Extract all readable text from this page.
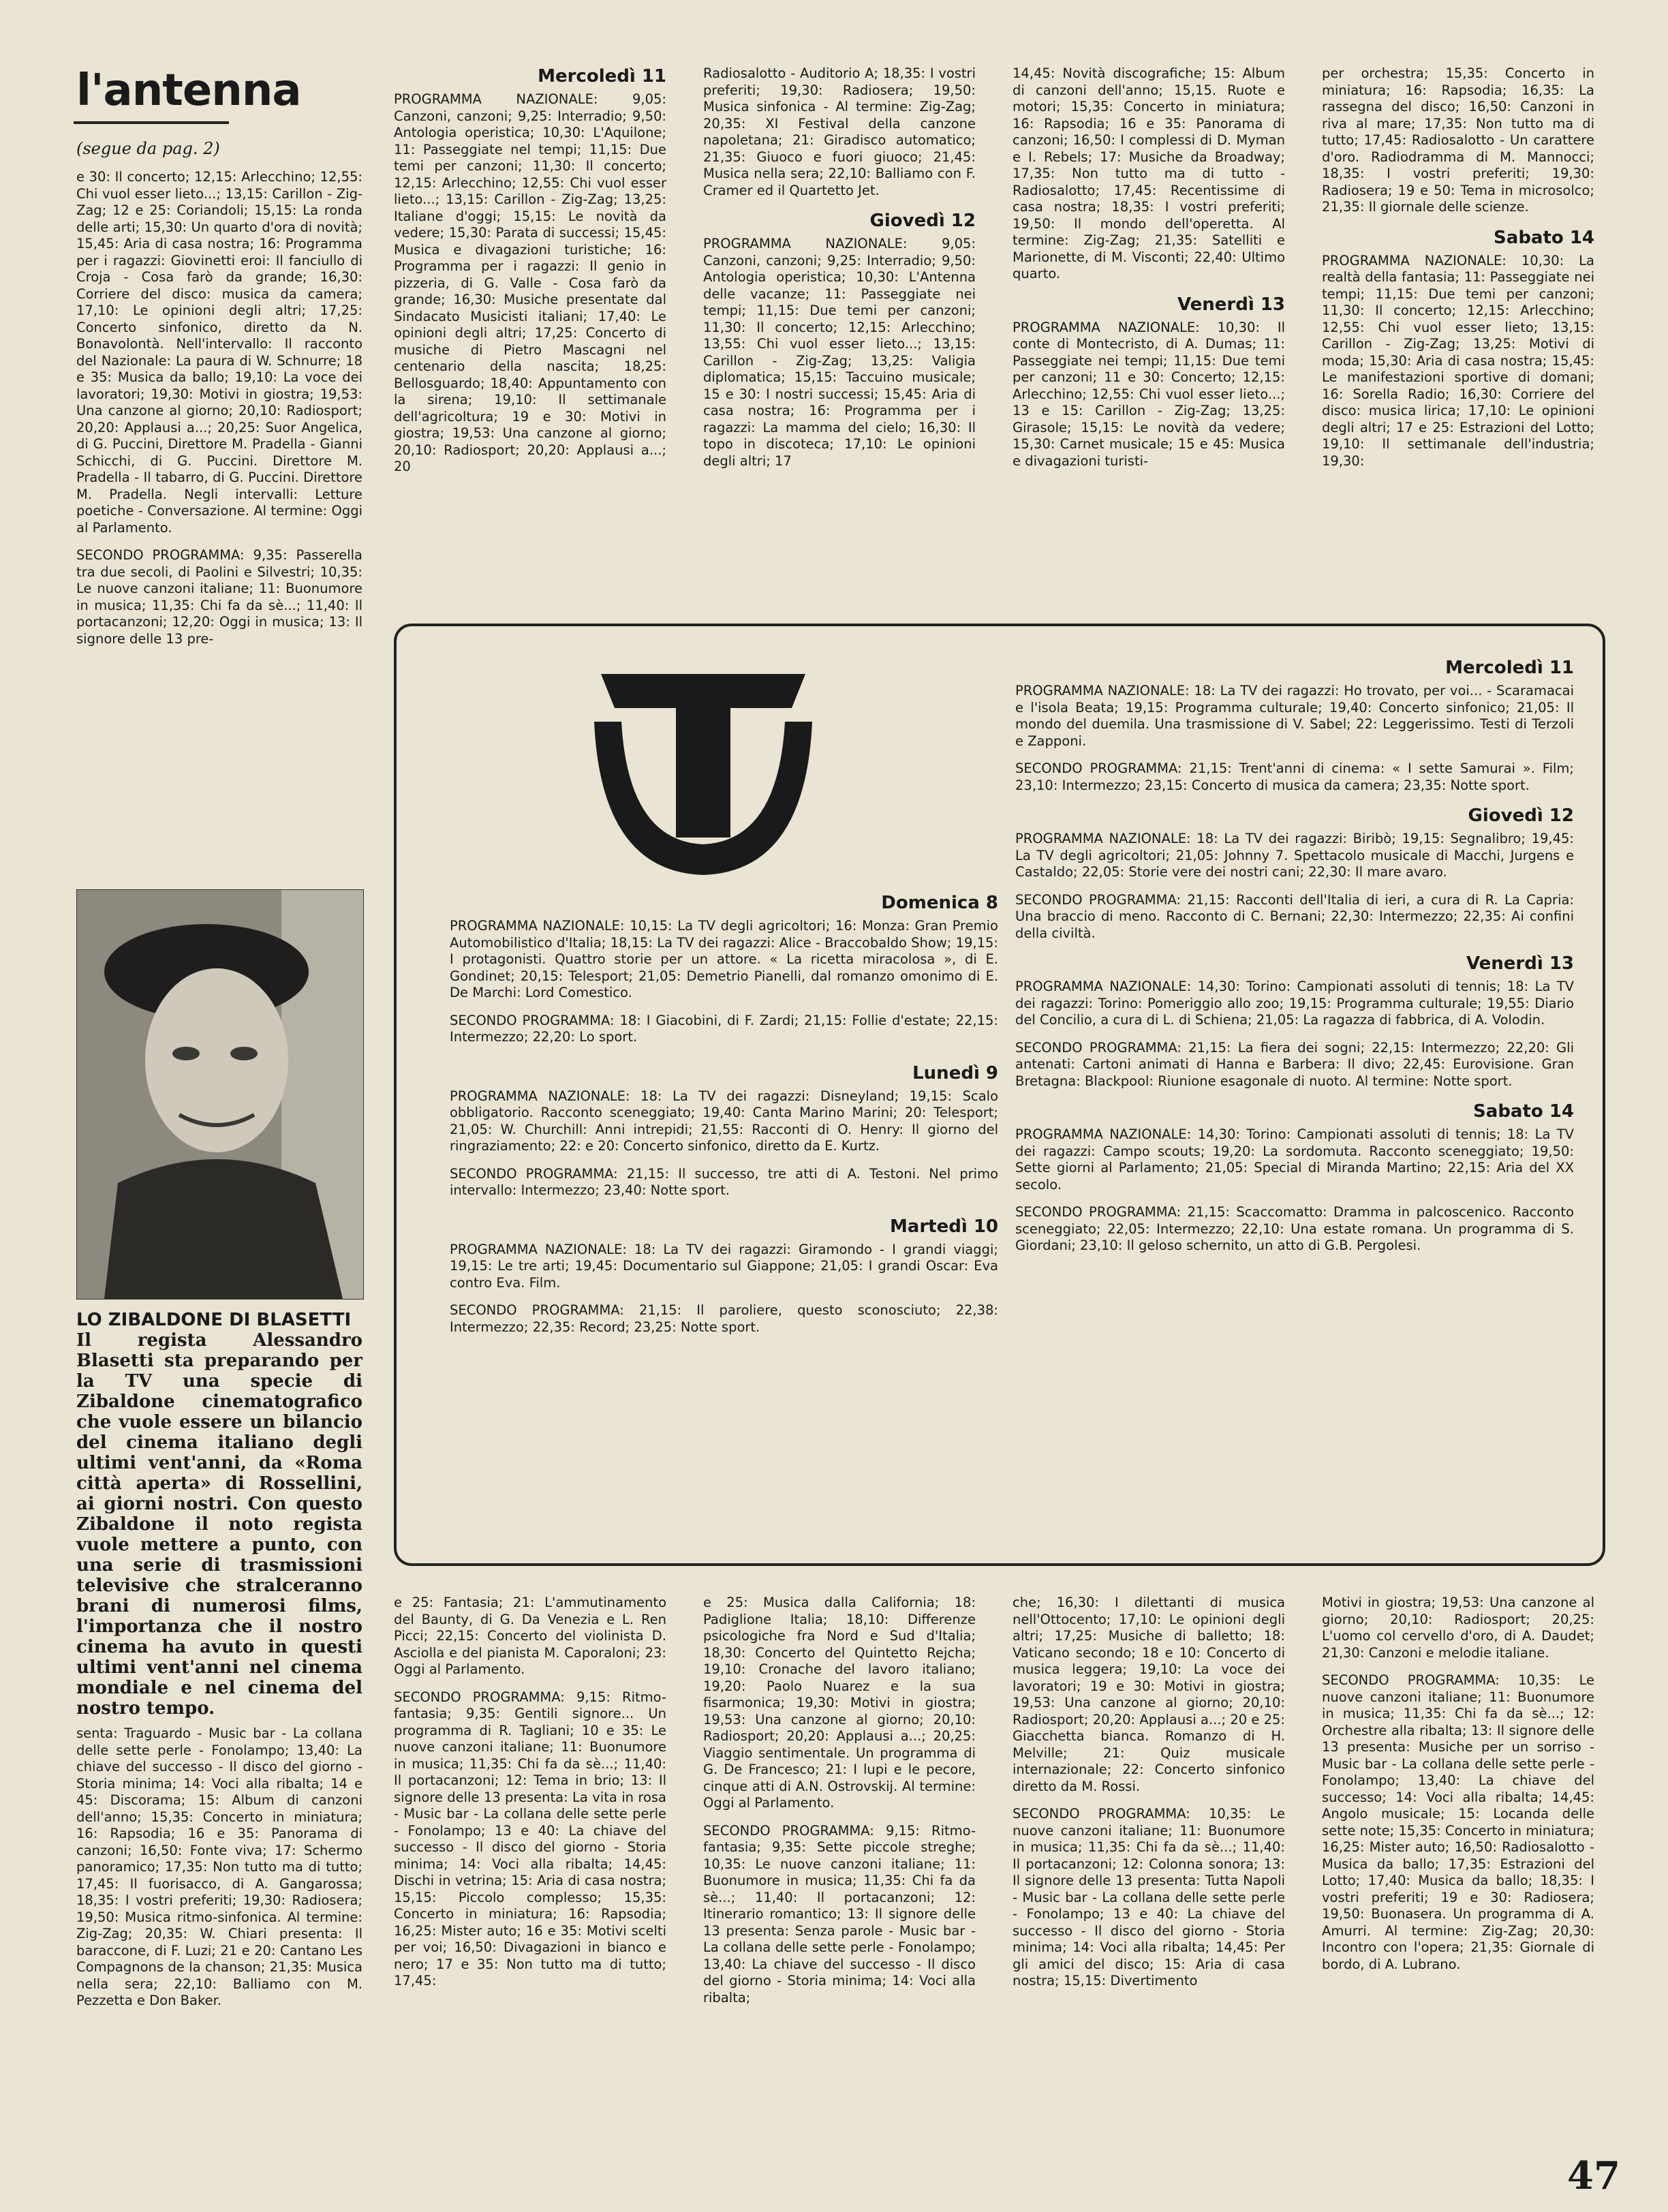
l'antenna
(segue da pag. 2)

e 30: Il concerto; 12,15: Arlecchino; 12,55: Chi vuol esser lieto...; 13,15: Carillon - Zig-Zag; 12 e 25: Coriandoli; 15,15: La ronda delle arti; 15,30: Un quarto d'ora di novità; 15,45: Aria di casa nostra; 16: Programma per i ragazzi: Giovinetti eroi: Il fanciullo di Croja - Cosa farò da grande; 16,30: Corriere del disco: musica da camera; 17,10: Le opinioni degli altri; 17,25: Concerto sinfonico, diretto da N. Bonavolontà. Nell'intervallo: Il racconto del Nazionale: La paura di W. Schnurre; 18 e 35: Musica da ballo; 19,10: La voce dei lavoratori; 19,30: Motivi in giostra; 19,53: Una canzone al giorno; 20,10: Radiosport; 20,20: Applausi a...; 20,25: Suor Angelica, di G. Puccini, Direttore M. Pradella - Gianni Schicchi, di G. Puccini. Direttore M. Pradella - Il tabarro, di G. Puccini. Direttore M. Pradella. Negli intervalli: Letture poetiche - Conversazione. Al termine: Oggi al Parlamento.

SECONDO PROGRAMMA: 9,35: Passerella tra due secoli, di Paolini e Silvestri; 10,35: Le nuove canzoni italiane; 11: Buonumore in musica; 11,35: Chi fa da sè...; 11,40: Il portacanzoni; 12,20: Oggi in musica; 13: Il signore delle 13 pre-

LO ZIBALDONE DI BLASETTI
Il regista Alessandro Blasetti sta preparando per la TV una specie di Zibaldone cinematografico che vuole essere un bilancio del cinema italiano degli ultimi vent'anni, da «Roma città aperta» di Rossellini, ai giorni nostri. Con questo Zibaldone il noto regista vuole mettere a punto, con una serie di trasmissioni televisive che stralceranno brani di numerosi films, l'importanza che il nostro cinema ha avuto in questi ultimi vent'anni nel cinema mondiale e nel cinema del nostro tempo.

senta: Traguardo - Music bar - La collana delle sette perle - Fonolampo; 13,40: La chiave del successo - Il disco del giorno - Storia minima; 14: Voci alla ribalta; 14 e 45: Discorama; 15: Album di canzoni dell'anno; 15,35: Concerto in miniatura; 16: Rapsodia; 16 e 35: Panorama di canzoni; 16,50: Fonte viva; 17: Schermo panoramico; 17,35: Non tutto ma di tutto; 17,45: Il fuorisacco, di A. Gangarossa; 18,35: I vostri preferiti; 19,30: Radiosera; 19,50: Musica ritmo-sinfonica. Al termine: Zig-Zag; 20,35: W. Chiari presenta: Il baraccone, di F. Luzi; 21 e 20: Cantano Les Compagnons de la chanson; 21,35: Musica nella sera; 22,10: Balliamo con M. Pezzetta e Don Baker.

Mercoledì 11

PROGRAMMA NAZIONALE: 9,05: Canzoni, canzoni; 9,25: Interradio; 9,50: Antologia operistica; 10,30: L'Aquilone; 11: Passeggiate nel tempi; 11,15: Due temi per canzoni; 11,30: Il concerto; 12,15: Arlecchino; 12,55: Chi vuol esser lieto...; 13,15: Carillon - Zig-Zag; 13,25: Italiane d'oggi; 15,15: Le novità da vedere; 15,30: Parata di successi; 15,45: Musica e divagazioni turistiche; 16: Programma per i ragazzi: Il genio in pizzeria, di G. Valle - Cosa farò da grande; 16,30: Musiche presentate dal Sindacato Musicisti italiani; 17,40: Le opinioni degli altri; 17,25: Concerto di musiche di Pietro Mascagni nel centenario della nascita; 18,25: Bellosguardo; 18,40: Appuntamento con la sirena; 19,10: Il settimanale dell'agricoltura; 19 e 30: Motivi in giostra; 19,53: Una canzone al giorno; 20,10: Radiosport; 20,20: Applausi a...; 20

Radiosalotto - Auditorio A; 18,35: I vostri preferiti; 19,30: Radiosera; 19,50: Musica sinfonica - Al termine: Zig-Zag; 20,35: XI Festival della canzone napoletana; 21: Giradisco automatico; 21,35: Giuoco e fuori giuoco; 21,45: Musica nella sera; 22,10: Balliamo con F. Cramer ed il Quartetto Jet.

Giovedì 12

PROGRAMMA NAZIONALE: 9,05: Canzoni, canzoni; 9,25: Interradio; 9,50: Antologia operistica; 10,30: L'Antenna delle vacanze; 11: Passeggiate nei tempi; 11,15: Due temi per canzoni; 11,30: Il concerto; 12,15: Arlecchino; 13,55: Chi vuol esser lieto...; 13,15: Carillon - Zig-Zag; 13,25: Valigia diplomatica; 15,15: Taccuino musicale; 15 e 30: I nostri successi; 15,45: Aria di casa nostra; 16: Programma per i ragazzi: La mamma del cielo; 16,30: Il topo in discoteca; 17,10: Le opinioni degli altri; 17

14,45: Novità discografiche; 15: Album di canzoni dell'anno; 15,15. Ruote e motori; 15,35: Concerto in miniatura; 16: Rapsodia; 16 e 35: Panorama di canzoni; 16,50: I complessi di D. Myman e I. Rebels; 17: Musiche da Broadway; 17,35: Non tutto ma di tutto - Radiosalotto; 17,45: Recentissime di casa nostra; 18,35: I vostri preferiti; 19,50: Il mondo dell'operetta. Al termine: Zig-Zag; 21,35: Satelliti e Marionette, di M. Visconti; 22,40: Ultimo quarto.

Venerdì 13

PROGRAMMA NAZIONALE: 10,30: Il conte di Montecristo, di A. Dumas; 11: Passeggiate nei tempi; 11,15: Due temi per canzoni; 11 e 30: Concerto; 12,15: Arlecchino; 12,55: Chi vuol esser lieto...; 13 e 15: Carillon - Zig-Zag; 13,25: Girasole; 15,15: Le novità da vedere; 15,30: Carnet musicale; 15 e 45: Musica e divagazioni turisti-

per orchestra; 15,35: Concerto in miniatura; 16: Rapsodia; 16,35: La rassegna del disco; 16,50: Canzoni in riva al mare; 17,35: Non tutto ma di tutto; 17,45: Radiosalotto - Un carattere d'oro. Radiodramma di M. Mannocci; 18,35: I vostri preferiti; 19,30: Radiosera; 19 e 50: Tema in microsolco; 21,35: Il giornale delle scienze.

Sabato 14

PROGRAMMA NAZIONALE: 10,30: La realtà della fantasia; 11: Passeggiate nei tempi; 11,15: Due temi per canzoni; 11,30: Il concerto; 12,15: Arlecchino; 12,55: Chi vuol esser lieto; 13,15: Carillon - Zig-Zag; 13,25: Motivi di moda; 15,30: Aria di casa nostra; 15,45: Le manifestazioni sportive di domani; 16: Sorella Radio; 16,30: Corriere del disco: musica lirica; 17,10: Le opinioni degli altri; 17 e 25: Estrazioni del Lotto; 19,10: Il settimanale dell'industria; 19,30:

Domenica 8

PROGRAMMA NAZIONALE: 10,15: La TV degli agricoltori; 16: Monza: Gran Premio Automobilistico d'Italia; 18,15: La TV dei ragazzi: Alice - Braccobaldo Show; 19,15: I protagonisti. Quattro storie per un attore. « La ricetta miracolosa », di E. Gondinet; 20,15: Telesport; 21,05: Demetrio Pianelli, dal romanzo omonimo di E. De Marchi: Lord Comestico.

SECONDO PROGRAMMA: 18: I Giacobini, di F. Zardi; 21,15: Follie d'estate; 22,15: Intermezzo; 22,20: Lo sport.

Lunedì 9

PROGRAMMA NAZIONALE: 18: La TV dei ragazzi: Disneyland; 19,15: Scalo obbligatorio. Racconto sceneggiato; 19,40: Canta Marino Marini; 20: Telesport; 21,05: W. Churchill: Anni intrepidi; 21,55: Racconti di O. Henry: Il giorno del ringraziamento; 22: e 20: Concerto sinfonico, diretto da E. Kurtz.

SECONDO PROGRAMMA: 21,15: Il successo, tre atti di A. Testoni. Nel primo intervallo: Intermezzo; 23,40: Notte sport.

Martedì 10

PROGRAMMA NAZIONALE: 18: La TV dei ragazzi: Giramondo - I grandi viaggi; 19,15: Le tre arti; 19,45: Documentario sul Giappone; 21,05: I grandi Oscar: Eva contro Eva. Film.

SECONDO PROGRAMMA: 21,15: Il paroliere, questo sconosciuto; 22,38: Intermezzo; 22,35: Record; 23,25: Notte sport.

Mercoledì 11

PROGRAMMA NAZIONALE: 18: La TV dei ragazzi: Ho trovato, per voi... - Scaramacai e l'isola Beata; 19,15: Programma culturale; 19,40: Concerto sinfonico; 21,05: Il mondo del duemila. Una trasmissione di V. Sabel; 22: Leggerissimo. Testi di Terzoli e Zapponi.

SECONDO PROGRAMMA: 21,15: Trent'anni di cinema: « I sette Samurai ». Film; 23,10: Intermezzo; 23,15: Concerto di musica da camera; 23,35: Notte sport.

Giovedì 12

PROGRAMMA NAZIONALE: 18: La TV dei ragazzi: Biribò; 19,15: Segnalibro; 19,45: La TV degli agricoltori; 21,05: Johnny 7. Spettacolo musicale di Macchi, Jurgens e Castaldo; 22,05: Storie vere dei nostri cani; 22,30: Il mare avaro.

SECONDO PROGRAMMA: 21,15: Racconti dell'Italia di ieri, a cura di R. La Capria: Una braccio di meno. Racconto di C. Bernani; 22,30: Intermezzo; 22,35: Ai confini della civiltà.

Venerdì 13

PROGRAMMA NAZIONALE: 14,30: Torino: Campionati assoluti di tennis; 18: La TV dei ragazzi: Torino: Pomeriggio allo zoo; 19,15: Programma culturale; 19,55: Diario del Concilio, a cura di L. di Schiena; 21,05: La ragazza di fabbrica, di A. Volodin.

SECONDO PROGRAMMA: 21,15: La fiera dei sogni; 22,15: Intermezzo; 22,20: Gli antenati: Cartoni animati di Hanna e Barbera: Il divo; 22,45: Eurovisione. Gran Bretagna: Blackpool: Riunione esagonale di nuoto. Al termine: Notte sport.

Sabato 14

PROGRAMMA NAZIONALE: 14,30: Torino: Campionati assoluti di tennis; 18: La TV dei ragazzi: Campo scouts; 19,20: La sordomuta. Racconto sceneggiato; 19,50: Sette giorni al Parlamento; 21,05: Special di Miranda Martino; 22,15: Aria del XX secolo.

SECONDO PROGRAMMA: 21,15: Scaccomatto: Dramma in palcoscenico. Racconto sceneggiato; 22,05: Intermezzo; 22,10: Una estate romana. Un programma di S. Giordani; 23,10: Il geloso schernito, un atto di G.B. Pergolesi.

e 25: Fantasia; 21: L'ammutinamento del Baunty, di G. Da Venezia e L. Ren Picci; 22,15: Concerto del violinista D. Asciolla e del pianista M. Caporaloni; 23: Oggi al Parlamento.

SECONDO PROGRAMMA: 9,15: Ritmo-fantasia; 9,35: Gentili signore... Un programma di R. Tagliani; 10 e 35: Le nuove canzoni italiane; 11: Buonumore in musica; 11,35: Chi fa da sè...; 11,40: Il portacanzoni; 12: Tema in brio; 13: Il signore delle 13 presenta: La vita in rosa - Music bar - La collana delle sette perle - Fonolampo; 13 e 40: La chiave del successo - Il disco del giorno - Storia minima; 14: Voci alla ribalta; 14,45: Dischi in vetrina; 15: Aria di casa nostra; 15,15: Piccolo complesso; 15,35: Concerto in miniatura; 16: Rapsodia; 16,25: Mister auto; 16 e 35: Motivi scelti per voi; 16,50: Divagazioni in bianco e nero; 17 e 35: Non tutto ma di tutto; 17,45:

e 25: Musica dalla California; 18: Padiglione Italia; 18,10: Differenze psicologiche fra Nord e Sud d'Italia; 18,30: Concerto del Quintetto Rejcha; 19,10: Cronache del lavoro italiano; 19,20: Paolo Nuarez e la sua fisarmonica; 19,30: Motivi in giostra; 19,53: Una canzone al giorno; 20,10: Radiosport; 20,20: Applausi a...; 20,25: Viaggio sentimentale. Un programma di G. De Francesco; 21: I lupi e le pecore, cinque atti di A.N. Ostrovskij. Al termine: Oggi al Parlamento.

SECONDO PROGRAMMA: 9,15: Ritmo-fantasia; 9,35: Sette piccole streghe; 10,35: Le nuove canzoni italiane; 11: Buonumore in musica; 11,35: Chi fa da sè...; 11,40: Il portacanzoni; 12: Itinerario romantico; 13: Il signore delle 13 presenta: Senza parole - Music bar - La collana delle sette perle - Fonolampo; 13,40: La chiave del successo - Il disco del giorno - Storia minima; 14: Voci alla ribalta;

che; 16,30: I dilettanti di musica nell'Ottocento; 17,10: Le opinioni degli altri; 17,25: Musiche di balletto; 18: Vaticano secondo; 18 e 10: Concerto di musica leggera; 19,10: La voce dei lavoratori; 19 e 30: Motivi in giostra; 19,53: Una canzone al giorno; 20,10: Radiosport; 20,20: Applausi a...; 20 e 25: Giacchetta bianca. Romanzo di H. Melville; 21: Quiz musicale internazionale; 22: Concerto sinfonico diretto da M. Rossi.

SECONDO PROGRAMMA: 10,35: Le nuove canzoni italiane; 11: Buonumore in musica; 11,35: Chi fa da sè...; 11,40: Il portacanzoni; 12: Colonna sonora; 13: Il signore delle 13 presenta: Tutta Napoli - Music bar - La collana delle sette perle - Fonolampo; 13 e 40: La chiave del successo - Il disco del giorno - Storia minima; 14: Voci alla ribalta; 14,45: Per gli amici del disco; 15: Aria di casa nostra; 15,15: Divertimento

Motivi in giostra; 19,53: Una canzone al giorno; 20,10: Radiosport; 20,25: L'uomo col cervello d'oro, di A. Daudet; 21,30: Canzoni e melodie italiane.

SECONDO PROGRAMMA: 10,35: Le nuove canzoni italiane; 11: Buonumore in musica; 11,35: Chi fa da sè...; 12: Orchestre alla ribalta; 13: Il signore delle 13 presenta: Musiche per un sorriso - Music bar - La collana delle sette perle - Fonolampo; 13,40: La chiave del successo; 14: Voci alla ribalta; 14,45: Angolo musicale; 15: Locanda delle sette note; 15,35: Concerto in miniatura; 16,25: Mister auto; 16,50: Radiosalotto - Musica da ballo; 17,35: Estrazioni del Lotto; 17,40: Musica da ballo; 18,35: I vostri preferiti; 19 e 30: Radiosera; 19,50: Buonasera. Un programma di A. Amurri. Al termine: Zig-Zag; 20,30: Incontro con l'opera; 21,35: Giornale di bordo, di A. Lubrano.

47
